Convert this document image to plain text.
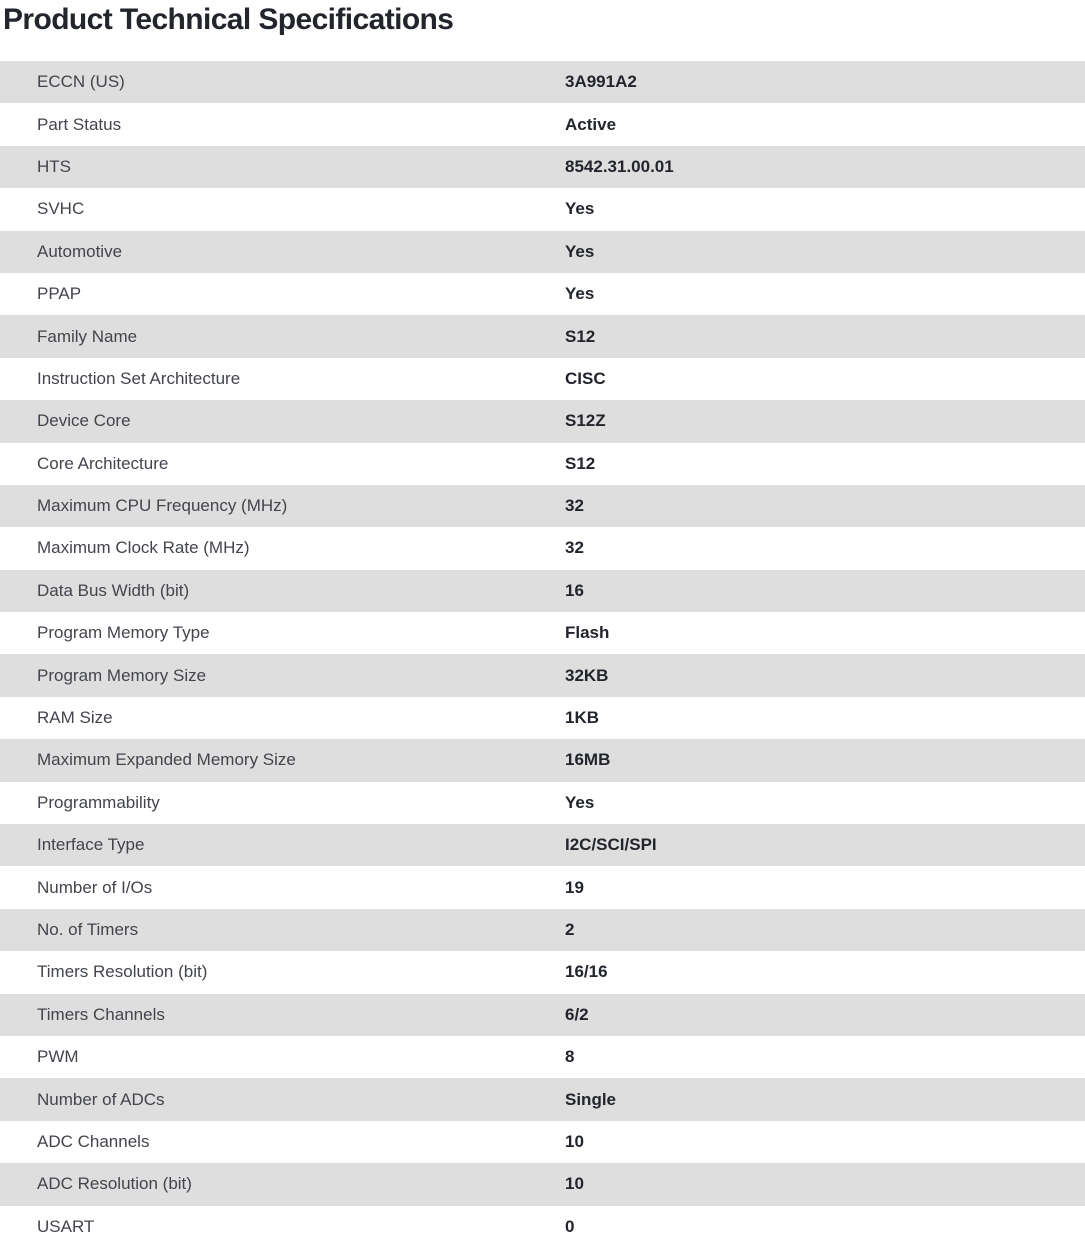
Product Technical Specifications
ECCN (US)	3A991A2
Part Status	Active
HTS	8542.31.00.01
SVHC	Yes
Automotive	Yes
PPAP	Yes
Family Name	S12
Instruction Set Architecture	CISC
Device Core	S12Z
Core Architecture	S12
Maximum CPU Frequency (MHz)	32
Maximum Clock Rate (MHz)	32
Data Bus Width (bit)	16
Program Memory Type	Flash
Program Memory Size	32KB
RAM Size	1KB
Maximum Expanded Memory Size	16MB
Programmability	Yes
Interface Type	I2C/SCI/SPI
Number of I/Os	19
No. of Timers	2
Timers Resolution (bit)	16/16
Timers Channels	6/2
PWM	8
Number of ADCs	Single
ADC Channels	10
ADC Resolution (bit)	10
USART	0
